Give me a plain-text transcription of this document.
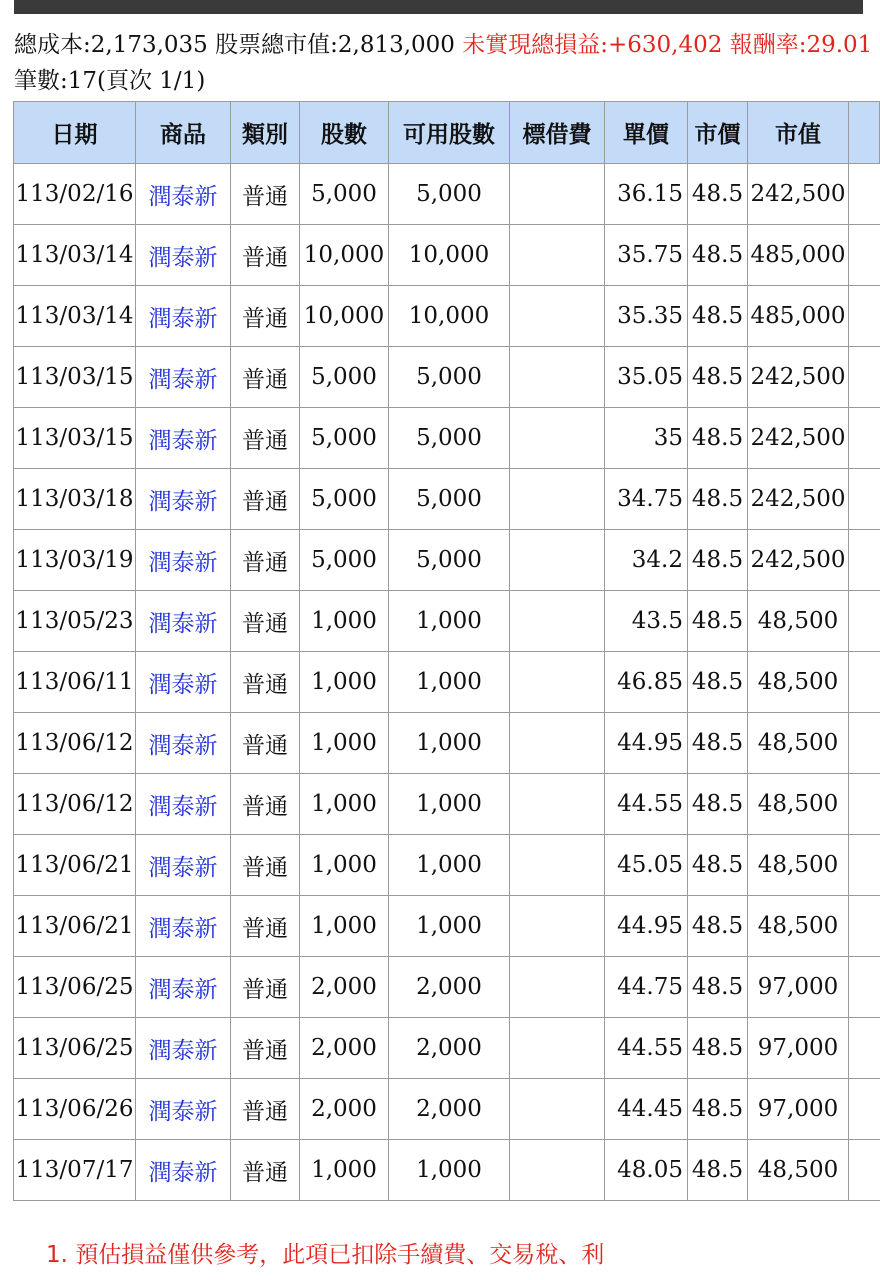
總成本:2,173,035 股票總市值:2,813,000 未實現總損益:+630,402 報酬率:29.01
筆數:17(頁次 1/1)
日期	商品	類別	股數	可用股數	標借費	單價	市價	市值	
113/02/16	潤泰新	普通	5,000	5,000		36.15	48.5	242,500	
113/03/14	潤泰新	普通	10,000	10,000		35.75	48.5	485,000	
113/03/14	潤泰新	普通	10,000	10,000		35.35	48.5	485,000	
113/03/15	潤泰新	普通	5,000	5,000		35.05	48.5	242,500	
113/03/15	潤泰新	普通	5,000	5,000		35	48.5	242,500	
113/03/18	潤泰新	普通	5,000	5,000		34.75	48.5	242,500	
113/03/19	潤泰新	普通	5,000	5,000		34.2	48.5	242,500	
113/05/23	潤泰新	普通	1,000	1,000		43.5	48.5	48,500	
113/06/11	潤泰新	普通	1,000	1,000		46.85	48.5	48,500	
113/06/12	潤泰新	普通	1,000	1,000		44.95	48.5	48,500	
113/06/12	潤泰新	普通	1,000	1,000		44.55	48.5	48,500	
113/06/21	潤泰新	普通	1,000	1,000		45.05	48.5	48,500	
113/06/21	潤泰新	普通	1,000	1,000		44.95	48.5	48,500	
113/06/25	潤泰新	普通	2,000	2,000		44.75	48.5	97,000	
113/06/25	潤泰新	普通	2,000	2,000		44.55	48.5	97,000	
113/06/26	潤泰新	普通	2,000	2,000		44.45	48.5	97,000	
113/07/17	潤泰新	普通	1,000	1,000		48.05	48.5	48,500	
1. 預估損益僅供參考，此項已扣除手續費、交易稅、利
